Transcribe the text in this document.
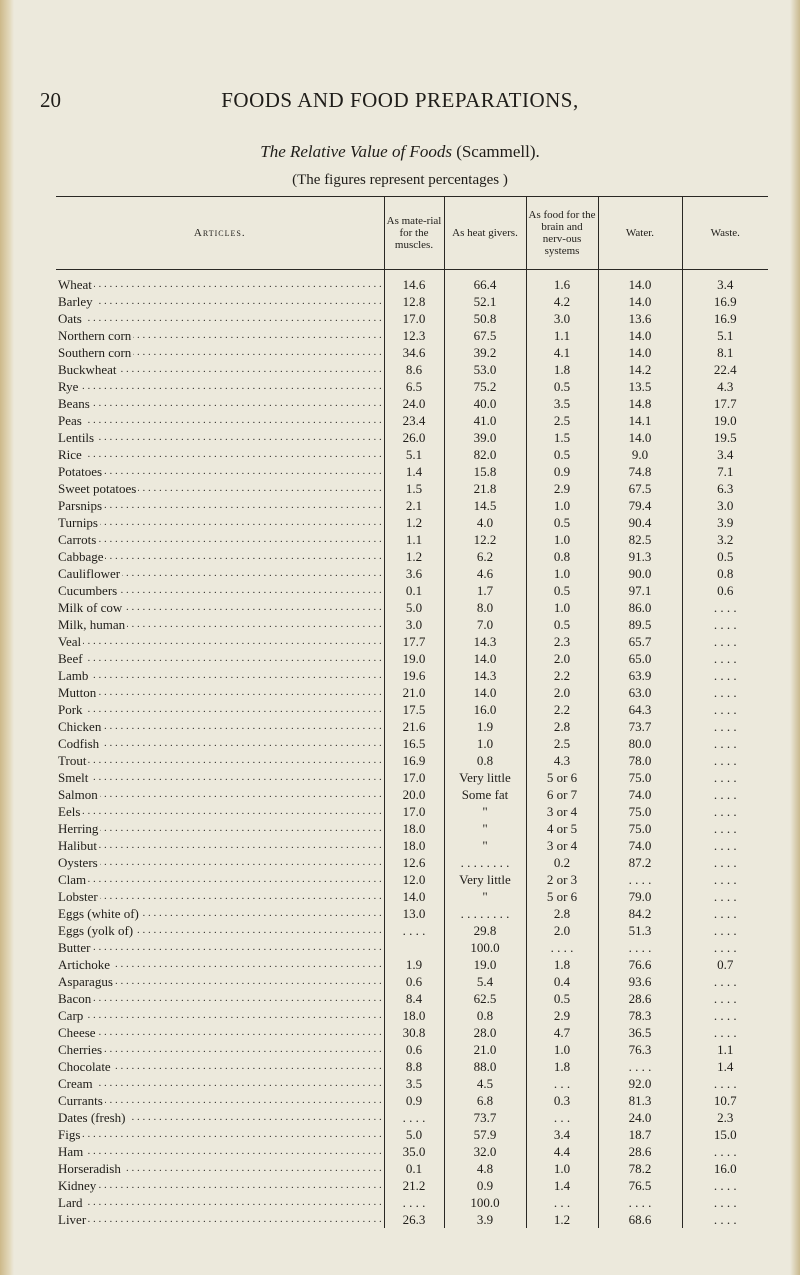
20	FOODS AND FOOD PREPARATIONS,
The Relative Value of Foods (Scammell).
(The figures represent percentages )
Articles.	As mate-rial for the muscles.	As heat givers.	As food for the brain and nerv-ous systems	Water.	Waste.
Wheat . . .	14.6	66.4	1.6	14.0	3.4
Barley . . .	12.8	52.1	4.2	14.0	16.9
Oats . . .	17.0	50.8	3.0	13.6	16.9
Northern corn . . .	12.3	67.5	1.1	14.0	5.1
Southern corn . . .	34.6	39.2	4.1	14.0	8.1
Buckwheat . . .	8.6	53.0	1.8	14.2	22.4
Rye . . .	6.5	75.2	0.5	13.5	4.3
Beans . . .	24.0	40.0	3.5	14.8	17.7
Peas . . .	23.4	41.0	2.5	14.1	19.0
Lentils . . .	26.0	39.0	1.5	14.0	19.5
Rice . . .	5.1	82.0	0.5	9.0	3.4
Potatoes . . .	1.4	15.8	0.9	74.8	7.1
Sweet potatoes . . .	1.5	21.8	2.9	67.5	6.3
Parsnips . . .	2.1	14.5	1.0	79.4	3.0
Turnips . . .	1.2	4.0	0.5	90.4	3.9
Carrots . . .	1.1	12.2	1.0	82.5	3.2
Cabbage . . .	1.2	6.2	0.8	91.3	0.5
Cauliflower . . .	3.6	4.6	1.0	90.0	0.8
Cucumbers . . .	0.1	1.7	0.5	97.1	0.6
Milk of cow . . .	5.0	8.0	1.0	86.0	. . . .
Milk, human . . .	3.0	7.0	0.5	89.5	. . . .
Veal . . .	17.7	14.3	2.3	65.7	. . . .
Beef . . .	19.0	14.0	2.0	65.0	. . . .
Lamb . . .	19.6	14.3	2.2	63.9	. . . .
Mutton . . .	21.0	14.0	2.0	63.0	. . . .
Pork . . .	17.5	16.0	2.2	64.3	. . . .
Chicken . . .	21.6	1.9	2.8	73.7	. . . .
Codfish . . .	16.5	1.0	2.5	80.0	. . . .
Trout . . .	16.9	0.8	4.3	78.0	. . . .
Smelt . . .	17.0	Very little	5 or 6	75.0	. . . .
Salmon . . .	20.0	Some fat	6 or 7	74.0	. . . .
Eels . . .	17.0	"	3 or 4	75.0	. . . .
Herring . . .	18.0	"	4 or 5	75.0	. . . .
Halibut . . .	18.0	"	3 or 4	74.0	. . . .
Oysters . . .	12.6	. . . . . . . .	0.2	87.2	. . . .
Clam . . .	12.0	Very little	2 or 3	. . . .	. . . .
Lobster . . .	14.0	"	5 or 6	79.0	. . . .
Eggs (white of) . . .	13.0	. . . . . . . .	2.8	84.2	. . . .
Eggs (yolk of) . . .	. . . .	29.8	2.0	51.3	. . . .
Butter . . .		100.0	. . . .	. . . .	. . . .
Artichoke . . .	1.9	19.0	1.8	76.6	0.7
Asparagus . . .	0.6	5.4	0.4	93.6	. . . .
Bacon . . .	8.4	62.5	0.5	28.6	. . . .
Carp . . .	18.0	0.8	2.9	78.3	. . . .
Cheese . . .	30.8	28.0	4.7	36.5	. . . .
Cherries . . .	0.6	21.0	1.0	76.3	1.1
Chocolate . . .	8.8	88.0	1.8	. . . .	1.4
Cream . . .	3.5	4.5	. . .	92.0	. . . .
Currants . . .	0.9	6.8	0.3	81.3	10.7
Dates (fresh) . . .	. . . .	73.7	. . .	24.0	2.3
Figs . . .	5.0	57.9	3.4	18.7	15.0
Ham . . .	35.0	32.0	4.4	28.6	. . . .
Horseradish . . .	0.1	4.8	1.0	78.2	16.0
Kidney . . .	21.2	0.9	1.4	76.5	. . . .
Lard . . .	. . . .	100.0	. . .	. . . .	. . . .
Liver . . .	26.3	3.9	1.2	68.6	. . . .
